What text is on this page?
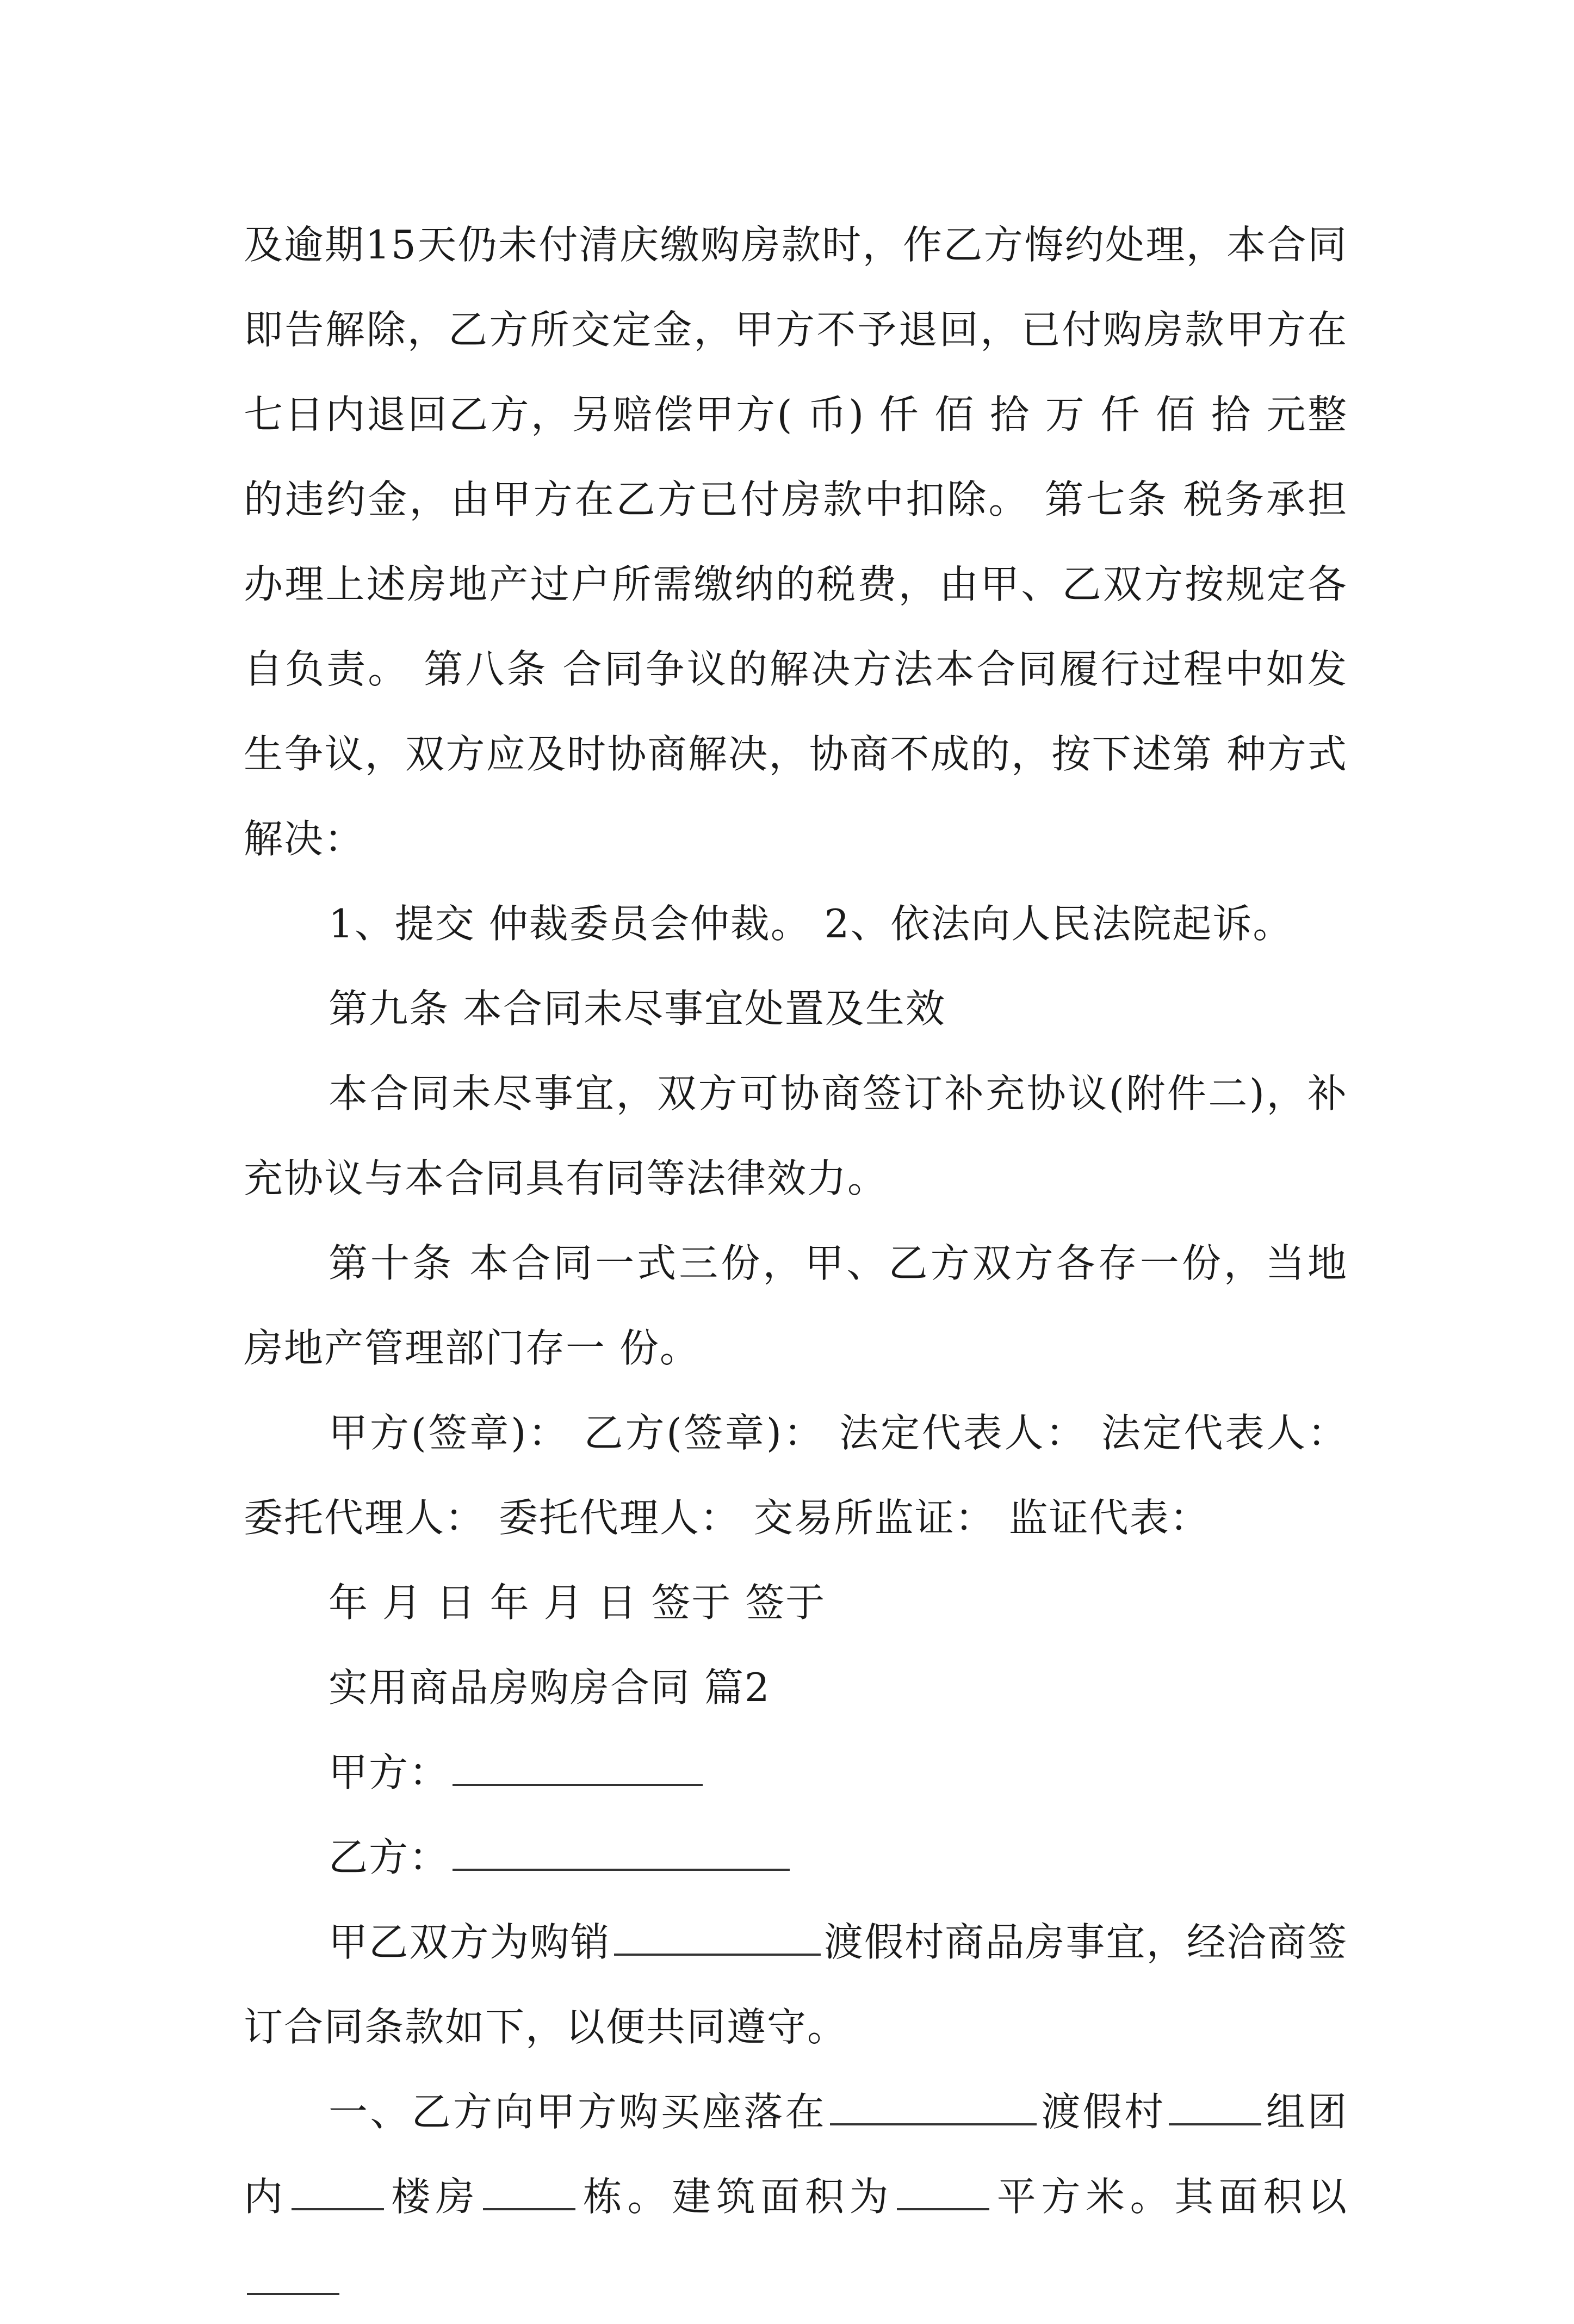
及逾期15天仍未付清庆缴购房款时，作乙方悔约处理，本合同即告解除，乙方所交定金，甲方不予退回，已付购房款甲方在七日内退回乙方，另赔偿甲方( 币) 仟 佰 拾 万 仟 佰 拾 元整的违约金，由甲方在乙方已付房款中扣除。 第七条 税务承担办理上述房地产过户所需缴纳的税费，由甲、乙双方按规定各自负责。 第八条 合同争议的解决方法本合同履行过程中如发生争议，双方应及时协商解决，协商不成的，按下述第 种方式解决：

1、提交 仲裁委员会仲裁。 2、依法向人民法院起诉。

第九条 本合同未尽事宜处置及生效

本合同未尽事宜，双方可协商签订补充协议(附件二)，补充协议与本合同具有同等法律效力。

第十条 本合同一式三份，甲、乙方双方各存一份，当地房地产管理部门存一 份。

甲方(签章)： 乙方(签章)： 法定代表人： 法定代表人： 委托代理人： 委托代理人： 交易所监证： 监证代表：

年 月 日 年 月 日 签于 签于

实用商品房购房合同 篇2

甲方：

乙方：

甲乙双方为购销	渡假村商品房事宜，经洽商签订合同条款如下，以便共同遵守。

一、乙方向甲方购买座落在	渡假村	组团内	楼房	栋。建筑面积为	平方米。其面积以
